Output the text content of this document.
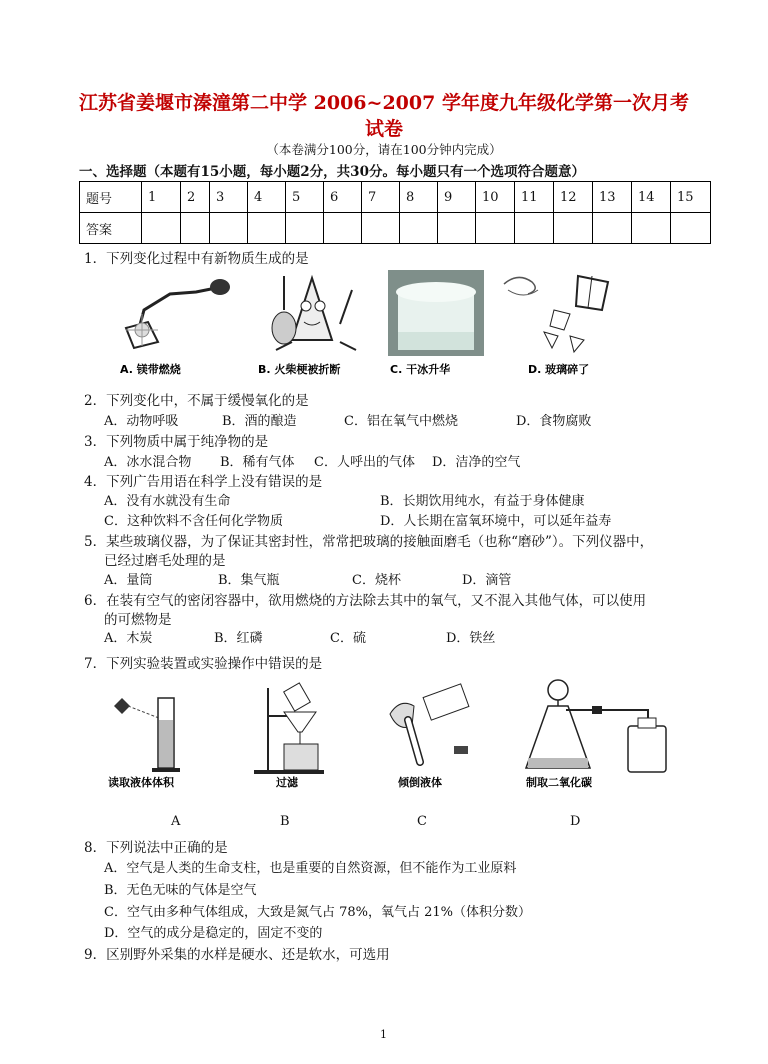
江苏省姜堰市溱潼第二中学 2006~2007 学年度九年级化学第一次月考
试卷
（本卷满分100分，请在100分钟内完成）
一、选择题（本题有15小题，每小题2分，共30分。每小题只有一个选项符合题意）
题号	1	2	3	4	5	6	7	8	9	10	11	12	13	14	15
答案															
1．下列变化过程中有新物质生成的是
A. 镁带燃烧	B. 火柴梗被折断	C. 干冰升华	D. 玻璃碎了
2．下列变化中，不属于缓慢氧化的是
A．动物呼吸	B．酒的酿造	C．铝在氧气中燃烧	D．食物腐败
3．下列物质中属于纯净物的是
A．冰水混合物 B．稀有气体 C．人呼出的气体 D．洁净的空气
4．下列广告用语在科学上没有错误的是
A．没有水就没有生命	B．长期饮用纯水，有益于身体健康
C．这种饮料不含任何化学物质	D．人长期在富氧环境中，可以延年益寿
5．某些玻璃仪器，为了保证其密封性，常常把玻璃的接触面磨毛（也称“磨砂”）。下列仪器中，
已经过磨毛处理的是
A．量筒	B．集气瓶	C．烧杯	D．滴管
6．在装有空气的密闭容器中，欲用燃烧的方法除去其中的氧气，又不混入其他气体，可以使用
的可燃物是
A．木炭	B．红磷	C．硫	D．铁丝
7．下列实验装置或实验操作中错误的是
读取液体体积	过滤	倾倒液体	制取二氧化碳
A	B	C	D
8．下列说法中正确的是
A．空气是人类的生命支柱，也是重要的自然资源，但不能作为工业原料
B．无色无味的气体是空气
C．空气由多种气体组成，大致是氮气占 78%，氧气占 21%（体积分数）
D．空气的成分是稳定的，固定不变的
9．区别野外采集的水样是硬水、还是软水，可选用
1
